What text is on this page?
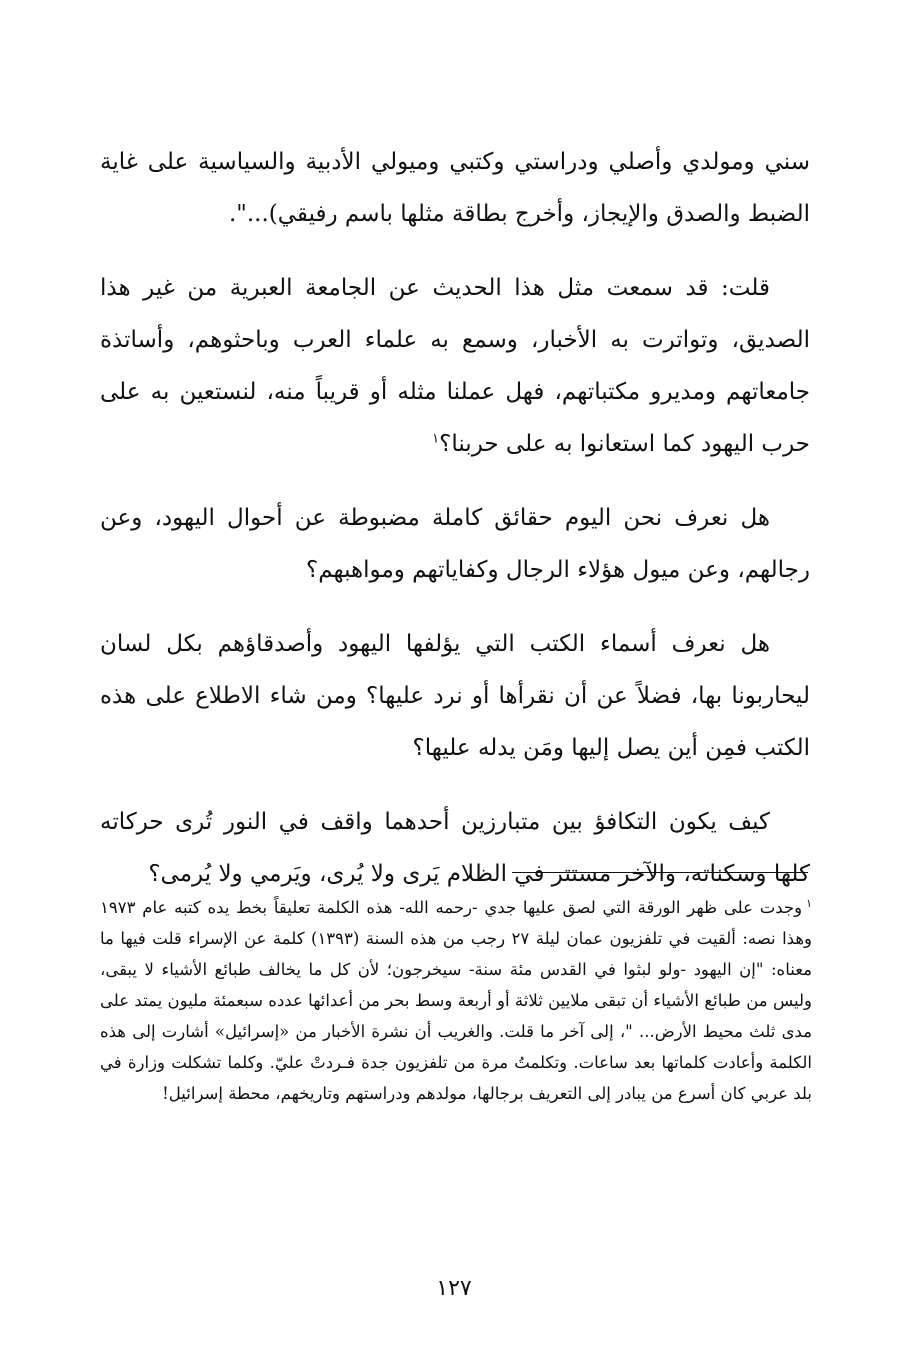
سني ومولدي وأصلي ودراستي وكتبي وميولي الأدبية والسياسية على غاية الضبط والصدق والإيجاز، وأخرج بطاقة مثلها باسم رفيقي)...".

قلت: قد سمعت مثل هذا الحديث عن الجامعة العبرية من غير هذا الصديق، وتواترت به الأخبار، وسمع به علماء العرب وباحثوهم، وأساتذة جامعاتهم ومديرو مكتباتهم، فهل عملنا مثله أو قريباً منه، لنستعين به على حرب اليهود كما استعانوا به على حربنا؟$^١$

هل نعرف نحن اليوم حقائق كاملة مضبوطة عن أحوال اليهود، وعن رجالهم، وعن ميول هؤلاء الرجال وكفاياتهم ومواهبهم؟

هل نعرف أسماء الكتب التي يؤلفها اليهود وأصدقاؤهم بكل لسان ليحاربونا بها، فضلاً عن أن نقرأها أو نرد عليها؟ ومن شاء الاطلاع على هذه الكتب فمِن أين يصل إليها ومَن يدله عليها؟

كيف يكون التكافؤ بين متبارزين أحدهما واقف في النور تُرى حركاته كلها وسكناته، والآخر مستتر في الظلام يَرى ولا يُرى، ويَرمي ولا يُرمى؟

$^١$وجدت على ظهر الورقة التي لصق عليها جدي -رحمه الله- هذه الكلمة تعليقاً بخط يده كتبه عام ١٩٧٣ وهذا نصه: ألقيت في تلفزيون عمان ليلة ٢٧ رجب من هذه السنة (١٣٩٣) كلمة عن الإسراء قلت فيها ما معناه: "إن اليهود -ولو لبثوا في القدس مئة سنة- سيخرجون؛ لأن كل ما يخالف طبائع الأشياء لا يبقى، وليس من طبائع الأشياء أن تبقى ملايين ثلاثة أو أربعة وسط بحر من أعدائها عدده سبعمئة مليون يمتد على مدى ثلث محيط الأرض... "، إلى آخر ما قلت. والغريب أن نشرة الأخبار من «إسرائيل» أشارت إلى هذه الكلمة وأعادت كلماتها بعد ساعات. وتكلمتُ مرة من تلفزيون جدة فـردتْ عليّ. وكلما تشكلت وزارة في بلد عربي كان أسرع من يبادر إلى التعريف برجالها، مولدهم ودراستهم وتاريخهم، محطة إسرائيل!

١٢٧
